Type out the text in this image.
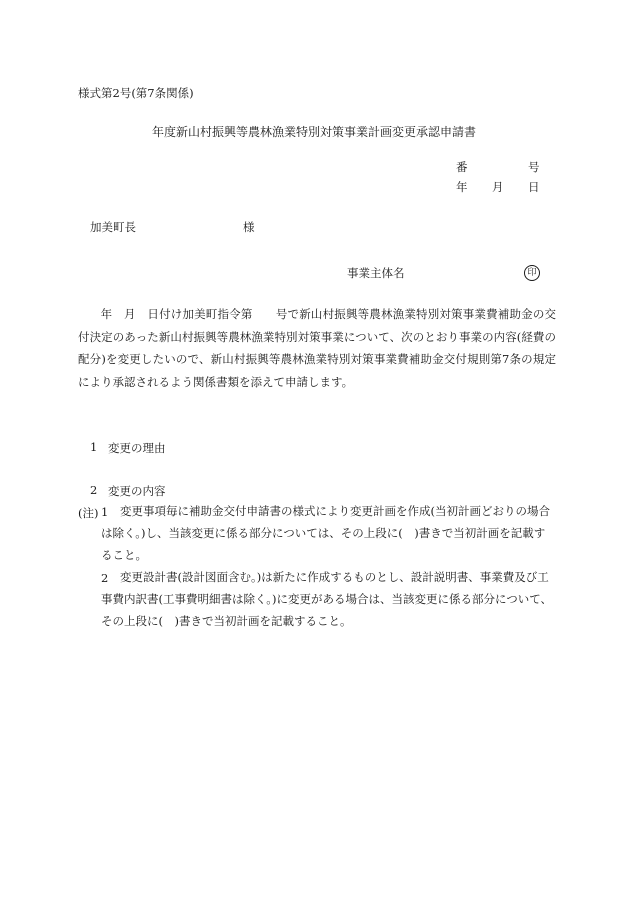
様式第2号(第7条関係)
年度新山村振興等農林漁業特別対策事業計画変更承認申請書
番	号
年 月 日
加美町長	様
事業主体名	印
　年　月　日付け加美町指令第　　号で新山村振興等農林漁業特別対策事業費補助金の交付決定のあった新山村振興等農林漁業特別対策事業について、次のとおり事業の内容(経費の配分)を変更したいので、新山村振興等農林漁業特別対策事業費補助金交付規則第7条の規定により承認されるよう関係書類を添えて申請します。
1 変更の理由
2 変更の内容
(注) 1	変更事項毎に補助金交付申請書の様式により変更計画を作成(当初計画どおりの場合は除く。)し、当該変更に係る部分については、その上段に(　)書きで当初計画を記載すること。
2	変更設計書(設計図面含む。)は新たに作成するものとし、設計説明書、事業費及び工事費内訳書(工事費明細書は除く。)に変更がある場合は、当該変更に係る部分について、その上段に(　)書きで当初計画を記載すること。
